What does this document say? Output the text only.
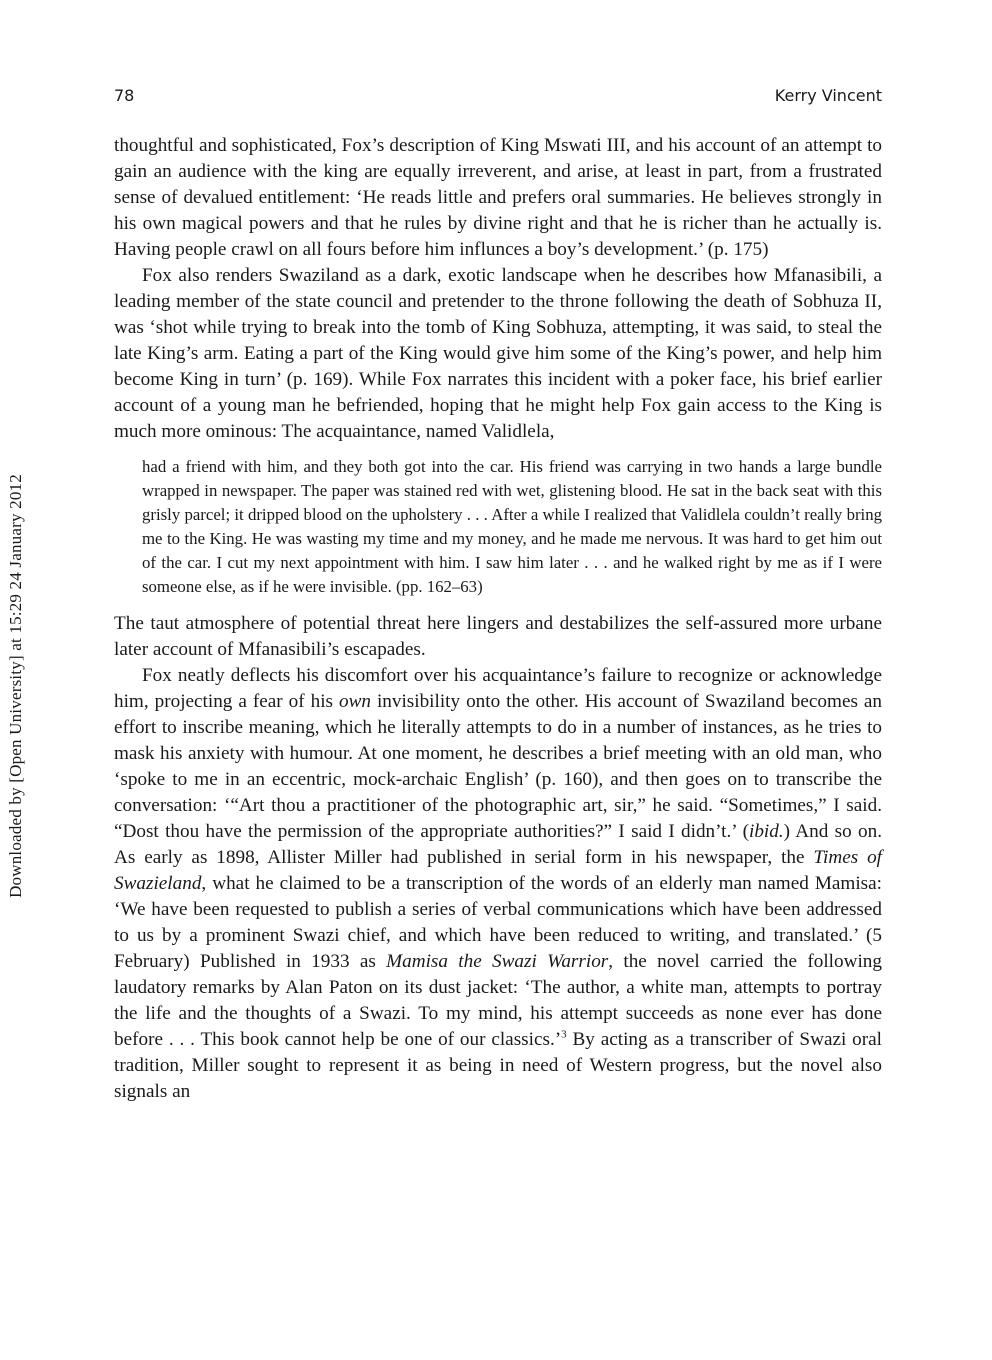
78	Kerry Vincent
Downloaded by [Open University] at 15:29 24 January 2012

thoughtful and sophisticated, Fox’s description of King Mswati III, and his account of an attempt to gain an audience with the king are equally irreverent, and arise, at least in part, from a frustrated sense of devalued entitlement: ‘He reads little and prefers oral summaries. He believes strongly in his own magical powers and that he rules by divine right and that he is richer than he actually is. Having people crawl on all fours before him influnces a boy’s development.’ (p. 175)

Fox also renders Swaziland as a dark, exotic landscape when he describes how Mfanasibili, a leading member of the state council and pretender to the throne following the death of Sobhuza II, was ‘shot while trying to break into the tomb of King Sobhuza, attempting, it was said, to steal the late King’s arm. Eating a part of the King would give him some of the King’s power, and help him become King in turn’ (p. 169). While Fox narrates this incident with a poker face, his brief earlier account of a young man he befriended, hoping that he might help Fox gain access to the King is much more ominous: The acquaintance, named Validlela,

had a friend with him, and they both got into the car. His friend was carrying in two hands a large bundle wrapped in newspaper. The paper was stained red with wet, glistening blood. He sat in the back seat with this grisly parcel; it dripped blood on the upholstery . . . After a while I realized that Validlela couldn’t really bring me to the King. He was wasting my time and my money, and he made me nervous. It was hard to get him out of the car. I cut my next appointment with him. I saw him later . . . and he walked right by me as if I were someone else, as if he were invisible. (pp. 162–63)

The taut atmosphere of potential threat here lingers and destabilizes the self-assured more urbane later account of Mfanasibili’s escapades.

Fox neatly deflects his discomfort over his acquaintance’s failure to recognize or acknowledge him, projecting a fear of his own invisibility onto the other. His account of Swaziland becomes an effort to inscribe meaning, which he literally attempts to do in a number of instances, as he tries to mask his anxiety with humour. At one moment, he describes a brief meeting with an old man, who ‘spoke to me in an eccentric, mock-archaic English’ (p. 160), and then goes on to transcribe the conversation: ‘“Art thou a practitioner of the photographic art, sir,” he said. “Sometimes,” I said. “Dost thou have the permission of the appropriate authorities?” I said I didn’t.’ (ibid.) And so on. As early as 1898, Allister Miller had published in serial form in his newspaper, the Times of Swazieland, what he claimed to be a transcription of the words of an elderly man named Mamisa: ‘We have been requested to publish a series of verbal communications which have been addressed to us by a prominent Swazi chief, and which have been reduced to writing, and translated.’ (5 February) Published in 1933 as Mamisa the Swazi Warrior, the novel carried the following laudatory remarks by Alan Paton on its dust jacket: ‘The author, a white man, attempts to portray the life and the thoughts of a Swazi. To my mind, his attempt succeeds as none ever has done before . . . This book cannot help be one of our classics.’$^3$ By acting as a transcriber of Swazi oral tradition, Miller sought to represent it as being in need of Western progress, but the novel also signals an
